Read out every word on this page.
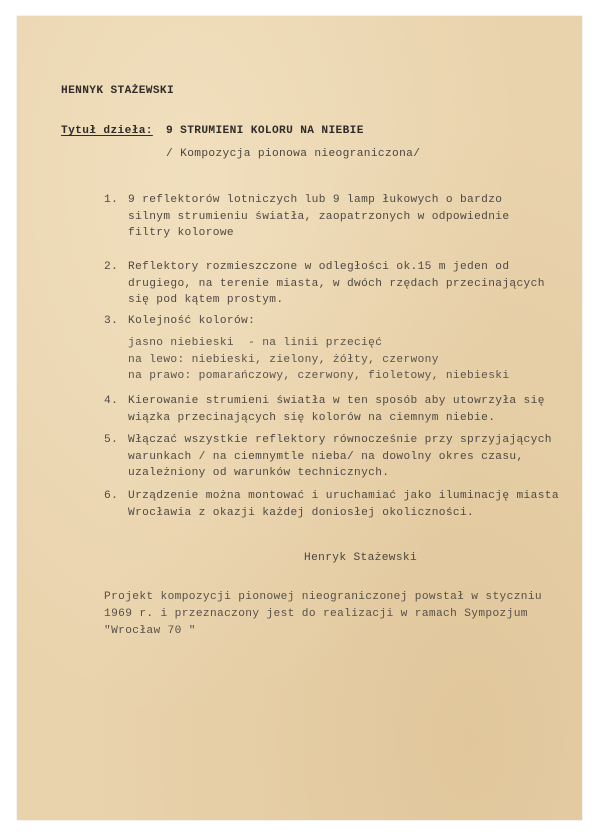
HENNYK STAŻEWSKI
Tytuł dzieła: 9 STRUMIENI KOLORU NA NIEBIE
/ Kompozycja pionowa nieograniczona/
1. 9 reflektorów lotniczych lub 9 lamp łukowych o bardzo
silnym strumieniu światła, zaopatrzonych w odpowiednie
filtry kolorowe
2. Reflektory rozmieszczone w odległości ok.15 m jeden od
drugiego, na terenie miasta, w dwóch rzędach przecinających
się pod kątem prostym.
3. Kolejność kolorów:
jasno niebieski  - na linii przecięć
na lewo: niebieski, zielony, żółty, czerwony
na prawo: pomarańczowy, czerwony, fioletowy, niebieski
4. Kierowanie strumieni światła w ten sposób aby utowrzyła się
wiązka przecinających się kolorów na ciemnym niebie.
5. Włączać wszystkie reflektory równocześnie przy sprzyjających
warunkach / na ciemnymtle nieba/ na dowolny okres czasu,
uzależniony od warunków technicznych.
6. Urządzenie można montować i uruchamiać jako iluminację miasta
Wrocławia z okazji każdej doniosłej okoliczności.
Henryk Stażewski
Projekt kompozycji pionowej nieograniczonej powstał w styczniu
1969 r. i przeznaczony jest do realizacji w ramach Sympozjum
"Wrocław 70 "
